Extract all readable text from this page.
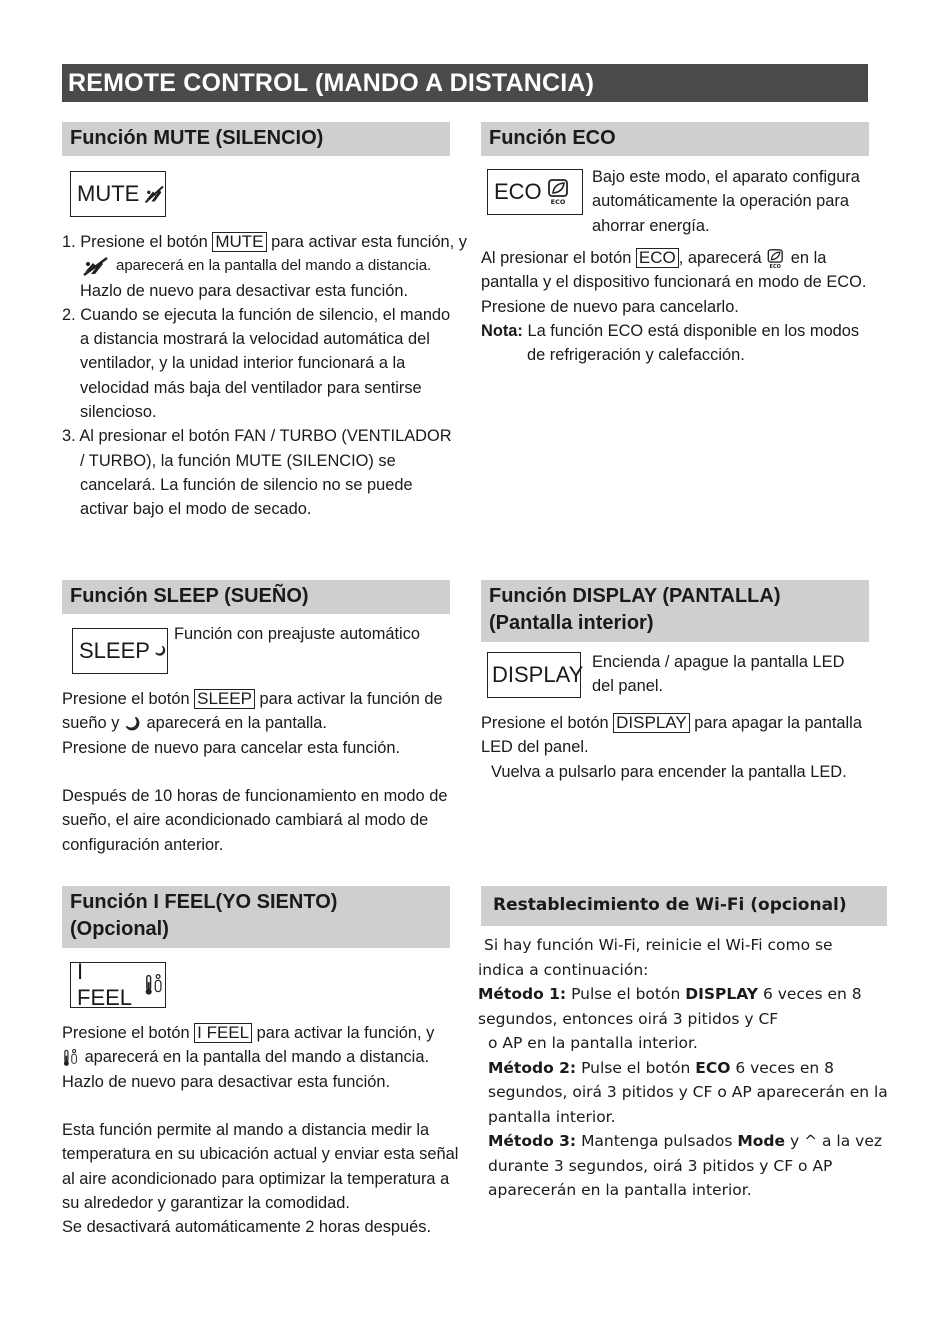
REMOTE CONTROL (MANDO A DISTANCIA)
Función MUTE (SILENCIO)
MUTE

1. Presione el botón MUTE para activar esta función, y

aparecerá en la pantalla del mando a distancia.

Hazlo de nuevo para desactivar esta función.

2. Cuando se ejecuta la función de silencio, el mando

a distancia mostrará la velocidad automática del

ventilador, y la unidad interior funcionará a la

velocidad más baja del ventilador para sentirse

silencioso.

3. Al presionar el botón FAN / TURBO (VENTILADOR

/ TURBO), la función MUTE (SILENCIO) se

cancelará. La función de silencio no se puede

activar bajo el modo de secado.

Función ECO
ECO ECO

Bajo este modo, el aparato configura

automáticamente la operación para

ahorrar energía.

Al presionar el botón ECO , aparecerá ECO en la

pantalla y el dispositivo funcionará en modo de ECO.

Presione de nuevo para cancelarlo.

Nota: La función ECO está disponible en los modos

de refrigeración y calefacción.

Función SLEEP (SUEÑO)
SLEEP

Función con preajuste automático

Presione el botón SLEEP para activar la función de

sueño y aparecerá en la pantalla.

Presione de nuevo para cancelar esta función.

Después de 10 horas de funcionamiento en modo de

sueño, el aire acondicionado cambiará al modo de

configuración anterior.

Función DISPLAY (PANTALLA)
(Pantalla interior)
DISPLAY Encienda / apague la pantalla LED

del panel.

Presione el botón DISPLAY para apagar la pantalla

LED del panel.

Vuelva a pulsarlo para encender la pantalla LED.

Función I FEEL(YO SIENTO)
(Opcional)
I FEEL

Presione el botón I FEEL para activar la función, y

aparecerá en la pantalla del mando a distancia.

Hazlo de nuevo para desactivar esta función.

Esta función permite al mando a distancia medir la

temperatura en su ubicación actual y enviar esta señal

al aire acondicionado para optimizar la temperatura a

su alrededor y garantizar la comodidad.

Se desactivará automáticamente 2 horas después.

Restablecimiento de Wi-Fi (opcional)

Si hay función Wi-Fi, reinicie el Wi-Fi como se

indica a continuación:

Método 1: Pulse el botón DISPLAY 6 veces en 8

segundos, entonces oirá 3 pitidos y CF

o AP en la pantalla interior.

Método 2: Pulse el botón ECO 6 veces en 8

segundos, oirá 3 pitidos y CF o AP aparecerán en la

pantalla interior.

Método 3: Mantenga pulsados Mode y ^ a la vez

durante 3 segundos, oirá 3 pitidos y CF o AP

aparecerán en la pantalla interior.
